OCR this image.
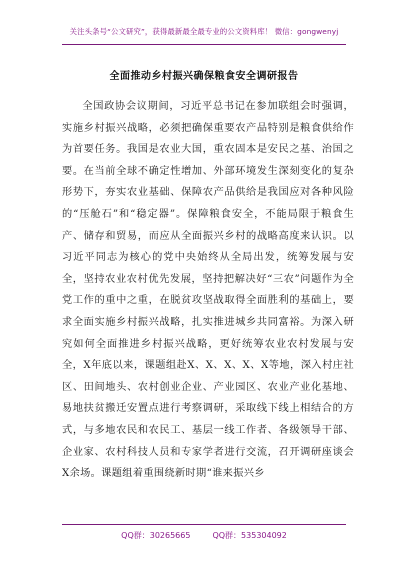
关注头条号“公文研究”，获得最新最全最专业的公文资料库！ 微信：gongwenyj
全面推动乡村振兴确保粮食安全调研报告

全国政协会议期间，习近平总书记在参加联组会时强调，实施乡村振兴战略，必须把确保重要农产品特别是粮食供给作为首要任务。我国是农业大国，重农固本是安民之基、治国之要。在当前全球不确定性增加、外部环境发生深刻变化的复杂形势下，夯实农业基础、保障农产品供给是我国应对各种风险的“压舱石”和“稳定器”。保障粮食安全，不能局限于粮食生产、储存和贸易，而应从全面振兴乡村的战略高度来认识。以习近平同志为核心的党中央始终从全局出发，统筹发展与安全，坚持农业农村优先发展，坚持把解决好“三农”问题作为全党工作的重中之重，在脱贫攻坚战取得全面胜利的基础上，要求全面实施乡村振兴战略，扎实推进城乡共同富裕。为深入研究如何全面推进乡村振兴战略，更好统筹农业农村发展与安全，X年底以来，课题组赴X、X、X、X、X等地，深入村庄社区、田间地头、农村创业企业、产业园区、农业产业化基地、易地扶贫搬迁安置点进行考察调研，采取线下线上相结合的方式，与多地农民和农民工、基层一线工作者、各级领导干部、企业家、农村科技人员和专家学者进行交流，召开调研座谈会X余场。课题组着重围绕新时期“谁来振兴乡

QQ群：30265665	QQ群：535304092
